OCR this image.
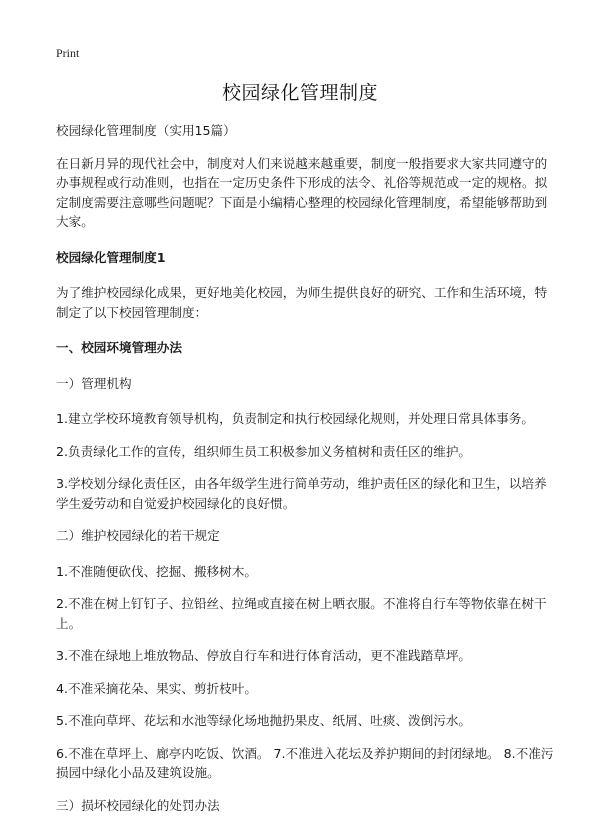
Print
校园绿化管理制度

校园绿化管理制度（实用15篇）

在日新月异的现代社会中，制度对人们来说越来越重要，制度一般指要求大家共同遵守的办事规程或行动准则，也指在一定历史条件下形成的法令、礼俗等规范或一定的规格。拟定制度需要注意哪些问题呢？下面是小编精心整理的校园绿化管理制度，希望能够帮助到大家。

校园绿化管理制度1

为了维护校园绿化成果，更好地美化校园，为师生提供良好的研究、工作和生活环境，特制定了以下校园管理制度：

一、校园环境管理办法

一）管理机构

1.建立学校环境教育领导机构，负责制定和执行校园绿化规则，并处理日常具体事务。

2.负责绿化工作的宣传，组织师生员工积极参加义务植树和责任区的维护。

3.学校划分绿化责任区，由各年级学生进行简单劳动，维护责任区的绿化和卫生，以培养学生爱劳动和自觉爱护校园绿化的良好惯。

二）维护校园绿化的若干规定

1.不准随便砍伐、挖掘、搬移树木。

2.不准在树上钉钉子、拉铅丝、拉绳或直接在树上晒衣服。不准将自行车等物依靠在树干上。

3.不准在绿地上堆放物品、停放自行车和进行体育活动，更不准践踏草坪。

4.不准采摘花朵、果实、剪折枝叶。

5.不准向草坪、花坛和水池等绿化场地抛扔果皮、纸屑、吐痰、泼倒污水。

6.不准在草坪上、廊亭内吃饭、饮酒。 7.不准进入花坛及养护期间的封闭绿地。 8.不准污损园中绿化小品及建筑设施。

三）损坏校园绿化的处罚办法
